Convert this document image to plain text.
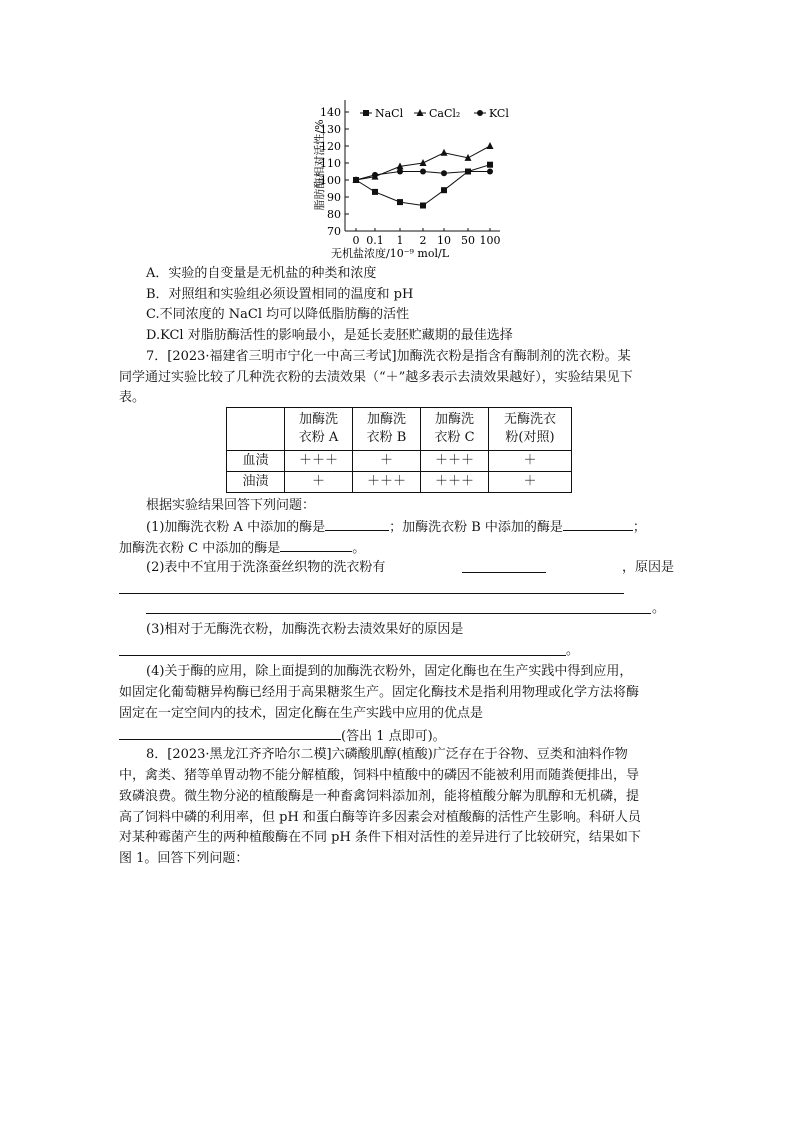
70
80
90
100
110
120
130
140
0 0.1 1 2 10 50 100
无机盐浓度/10⁻⁹ mol/L
脂肪酶相对活性/%
NaCl CaCl₂	KCl
A．实验的自变量是无机盐的种类和浓度
B．对照组和实验组必须设置相同的温度和 pH
C.不同浓度的 NaCl 均可以降低脂肪酶的活性
D.KCl 对脂肪酶活性的影响最小，是延长麦胚贮藏期的最佳选择
7．[2023·福建省三明市宁化一中高三考试]加酶洗衣粉是指含有酶制剂的洗衣粉。某
同学通过实验比较了几种洗衣粉的去渍效果（“＋”越多表示去渍效果越好），实验结果见下
表。
	加酶洗
衣粉 A	加酶洗
衣粉 B	加酶洗
衣粉 C	无酶洗衣
粉(对照)
血渍	＋＋＋	＋	＋＋＋	＋
油渍	＋	＋＋＋	＋＋＋	＋
根据实验结果回答下列问题：
(1)加酶洗衣粉 A 中添加的酶是	；加酶洗衣粉 B 中添加的酶是	；
加酶洗衣粉 C 中添加的酶是	。
(2)表中不宜用于洗涤蚕丝织物的洗衣粉有	，原因是
。
(3)相对于无酶洗衣粉，加酶洗衣粉去渍效果好的原因是
。
(4)关于酶的应用，除上面提到的加酶洗衣粉外，固定化酶也在生产实践中得到应用，
如固定化葡萄糖异构酶已经用于高果糖浆生产。固定化酶技术是指利用物理或化学方法将酶
固定在一定空间内的技术，固定化酶在生产实践中应用的优点是
(答出 1 点即可)。
8．[2023·黑龙江齐齐哈尔二模]六磷酸肌醇(植酸)广泛存在于谷物、豆类和油料作物
中，禽类、猪等单胃动物不能分解植酸，饲料中植酸中的磷因不能被利用而随粪便排出，导
致磷浪费。微生物分泌的植酸酶是一种畜禽饲料添加剂，能将植酸分解为肌醇和无机磷，提
高了饲料中磷的利用率，但 pH 和蛋白酶等许多因素会对植酸酶的活性产生影响。科研人员
对某种霉菌产生的两种植酸酶在不同 pH 条件下相对活性的差异进行了比较研究，结果如下
图 1。回答下列问题：
